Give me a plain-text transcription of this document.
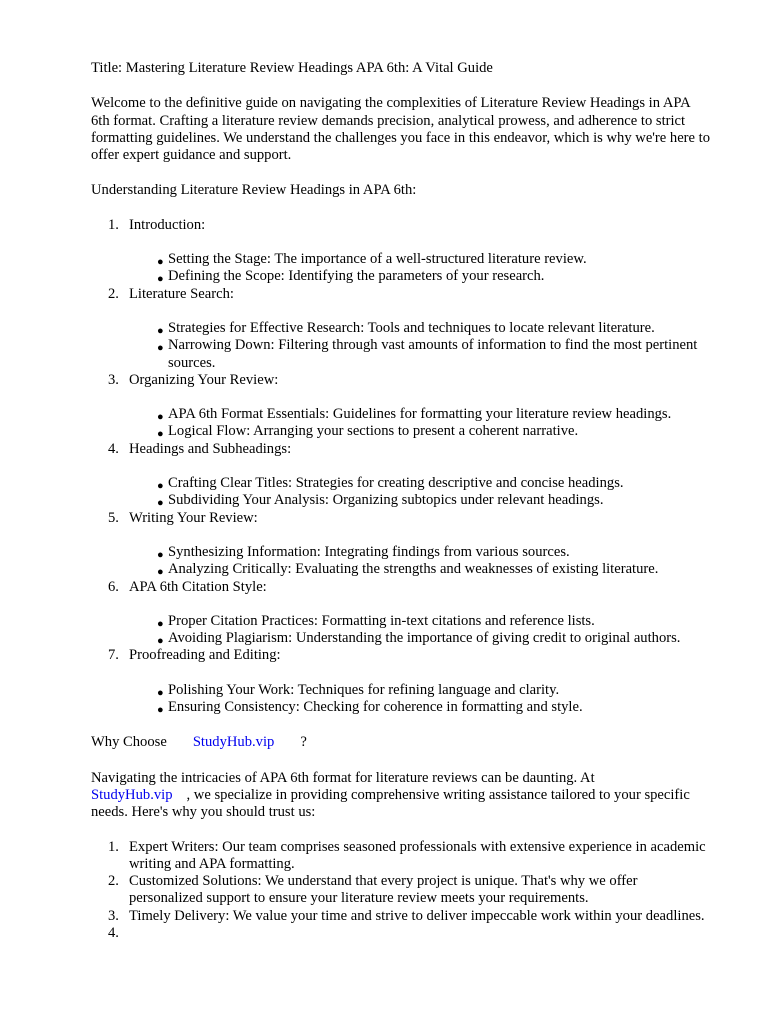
Title: Mastering Literature Review Headings APA 6th: A Vital Guide

Welcome to the definitive guide on navigating the complexities of Literature Review Headings in APA 6th format. Crafting a literature review demands precision, analytical prowess, and adherence to strict formatting guidelines. We understand the challenges you face in this endeavor, which is why we're here to offer expert guidance and support.

Understanding Literature Review Headings in APA 6th:

1. Introduction:
● Setting the Stage: The importance of a well-structured literature review.
● Defining the Scope: Identifying the parameters of your research.
2. Literature Search:
● Strategies for Effective Research: Tools and techniques to locate relevant literature.
● Narrowing Down: Filtering through vast amounts of information to find the most pertinent sources.
3. Organizing Your Review:
● APA 6th Format Essentials: Guidelines for formatting your literature review headings.
● Logical Flow: Arranging your sections to present a coherent narrative.
4. Headings and Subheadings:
● Crafting Clear Titles: Strategies for creating descriptive and concise headings.
● Subdividing Your Analysis: Organizing subtopics under relevant headings.
5. Writing Your Review:
● Synthesizing Information: Integrating findings from various sources.
● Analyzing Critically: Evaluating the strengths and weaknesses of existing literature.
6. APA 6th Citation Style:
● Proper Citation Practices: Formatting in-text citations and reference lists.
● Avoiding Plagiarism: Understanding the importance of giving credit to original authors.
7. Proofreading and Editing:
● Polishing Your Work: Techniques for refining language and clarity.
● Ensuring Consistency: Checking for coherence in formatting and style.

Why Choose StudyHub.vip ?

Navigating the intricacies of APA 6th format for literature reviews can be daunting. At
StudyHub.vip , we specialize in providing comprehensive writing assistance tailored to your specific needs. Here's why you should trust us:

1. Expert Writers: Our team comprises seasoned professionals with extensive experience in academic writing and APA formatting.
2. Customized Solutions: We understand that every project is unique. That's why we offer personalized support to ensure your literature review meets your requirements.
3. Timely Delivery: We value your time and strive to deliver impeccable work within your deadlines.
4.
